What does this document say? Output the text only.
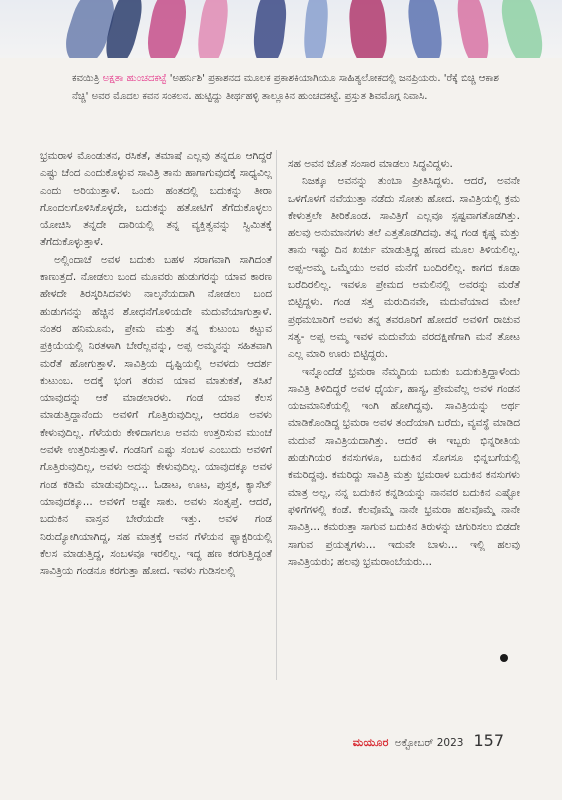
ಕವಯಿತ್ರಿ ಅಕ್ಷತಾ ಹುಂಚದಕಟ್ಟೆ 'ಅಹರ್ನಿಶಿ' ಪ್ರಕಾಶನದ ಮೂಲಕ ಪ್ರಕಾಶಕಿಯಾಗಿಯೂ ಸಾಹಿತ್ಯಲೋಕದಲ್ಲಿ ಜನಪ್ರಿಯರು. 'ರೆಕ್ಕೆ ಬಿಚ್ಚಿ ಆಕಾಶ ನೆಚ್ಚಿ' ಅವರ ಮೊದಲ ಕವನ ಸಂಕಲನ. ಹುಟ್ಟಿದ್ದು ತೀರ್ಥಹಳ್ಳಿ ತಾಲ್ಲೂಕಿನ ಹುಂಚದಕಟ್ಟೆ. ಪ್ರಸ್ತುತ ಶಿವಮೊಗ್ಗ ನಿವಾಸಿ.

ಭ್ರಮರಾಳ ಮೊಂಡುತನ, ರಸಿಕತೆ, ತಮಾಷೆ ಎಲ್ಲವು ತನ್ನದೂ ಆಗಿದ್ದರೆ ಎಷ್ಟು ಚೆಂದ ಎಂದುಕೊಳ್ಳುವ ಸಾವಿತ್ರಿ ತಾನು ಹಾಗಾಗುವುದಕ್ಕೆ ಸಾಧ್ಯವಿಲ್ಲ ಎಂದು ಅರಿಯುತ್ತಾಳೆ. ಒಂದು ಹಂತದಲ್ಲಿ ಬದುಕನ್ನು ತೀರಾ ಗೊಂದಲಗೊಳಿಸಿಕೊಳ್ಳದೇ, ಬದುಕನ್ನು ಹತೋಟಿಗೆ ತೆಗೆದುಕೊಳ್ಳಲು ಯೋಚಿಸಿ ತನ್ನದೇ ದಾರಿಯಲ್ಲಿ ತನ್ನ ವ್ಯಕ್ತಿತ್ವವನ್ನು ಸ್ವಿಮಿತಕ್ಕೆ ತೆಗೆದುಕೊಳ್ಳುತ್ತಾಳೆ.

ಅಲ್ಲಿಂದಾಚೆ ಅವಳ ಬದುಕು ಬಹಳ ಸರಾಗವಾಗಿ ಸಾಗಿದಂತೆ ಕಾಣುತ್ತದೆ. ನೋಡಲು ಬಂದ ಮೂವರು ಹುಡುಗರನ್ನು ಯಾವ ಕಾರಣ ಹೇಳದೇ ತಿರಸ್ಕರಿಸಿದವಳು ನಾಲ್ಕನೆಯದಾಗಿ ನೋಡಲು ಬಂದ ಹುಡುಗನನ್ನು ಹೆಚ್ಚಿನ ಶೋಧನೆಗೊಳಿಯದೇ ಮದುವೆಯಾಗುತ್ತಾಳೆ. ನಂತರ ಹನಿಮೂನು, ಪ್ರೇಮ ಮತ್ತು ತನ್ನ ಕುಟುಂಬ ಕಟ್ಟುವ ಪ್ರಕ್ರಿಯೆಯಲ್ಲಿ ನಿರತಳಾಗಿ ಬೇರೆಲ್ಲವನ್ನು, ಅಪ್ಪ ಅಮ್ಮನನ್ನು ಸಹಿತವಾಗಿ ಮರೆತೆ ಹೋಗುತ್ತಾಳೆ. ಸಾವಿತ್ರಿಯ ದೃಷ್ಟಿಯಲ್ಲಿ ಅವಳದು ಆದರ್ಶ ಕುಟುಂಬ. ಅದಕ್ಕೆ ಭಂಗ ತರುವ ಯಾವ ಮಾತುಕತೆ, ತಸಿಖೆ ಯಾವುದನ್ನು ಆಕೆ ಮಾಡಲಾರಳು. ಗಂಡ ಯಾವ ಕೆಲಸ ಮಾಡುತ್ತಿದ್ದಾನೆಂದು ಅವಳಿಗೆ ಗೊತ್ತಿರುವುದಿಲ್ಲ, ಆದರೂ ಅವಳು ಕೇಳುವುದಿಲ್ಲ. ಗೆಳೆಯರು ಕೇಳಿದಾಗಲೂ ಅವನು ಉತ್ತರಿಸುವ ಮುಂಚೆ ಅವಳೇ ಉತ್ತರಿಸುತ್ತಾಳೆ. ಗಂಡನಿಗೆ ಎಷ್ಟು ಸಂಬಳ ಎಂಬುದು ಅವಳಿಗೆ ಗೊತ್ತಿರುವುದಿಲ್ಲ, ಅವಳು ಅದನ್ನು ಕೇಳುವುದಿಲ್ಲ. ಯಾವುದಕ್ಕೂ ಅವಳ ಗಂಡ ಕಡಿಮೆ ಮಾಡುವುದಿಲ್ಲ... ಓಡಾಟ, ಊಟ, ಪುಸ್ತಕ, ಕ್ಯಾಸೆಟ್ ಯಾವುದಕ್ಕೂ... ಅವಳಿಗೆ ಅಷ್ಟೇ ಸಾಕು. ಅವಳು ಸಂತೃಪ್ತೆ. ಆದರೆ, ಬದುಕಿನ ವಾಸ್ತವ ಬೇರೆಯದೇ ಇತ್ತು. ಅವಳ ಗಂಡ ನಿರುದ್ಯೋಗಿಯಾಗಿದ್ದ, ಸಹ ಮಾತ್ರಕ್ಕೆ ಅವನ ಗೆಳೆಯನ ಫ್ಯಾಕ್ಟರಿಯಲ್ಲಿ ಕೆಲಸ ಮಾಡುತ್ತಿದ್ದ, ಸಂಬಳವೂ ಇರಲಿಲ್ಲ. ಇದ್ದ ಹಣ ಕರಗುತ್ತಿದ್ದಂತೆ ಸಾವಿತ್ರಿಯ ಗಂಡನೂ ಕರಗುತ್ತಾ ಹೋದ. ಇವಳು ಗುಡಿಸಲಲ್ಲಿ

ಸಹ ಅವನ ಜೊತೆ ಸಂಸಾರ ಮಾಡಲು ಸಿದ್ಧವಿದ್ದಳು.

ನಿಜಕ್ಕೂ ಅವನನ್ನು ತುಂಬಾ ಪ್ರೀತಿಸಿದ್ದಳು. ಆದರೆ, ಅವನೇ ಒಳಗೊಳಗೆ ನವೆಯುತ್ತಾ ನಡೆದು ಸೋತು ಹೋದ. ಸಾವಿತ್ರಿಯಲ್ಲಿ ಕ್ರಮ ಕೇಳುತ್ತಲೇ ತೀರಿಕೊಂಡ. ಸಾವಿತ್ರಿಗೆ ಎಲ್ಲವೂ ಸ್ಪಷ್ಟವಾಗತೊಡಗಿತ್ತು. ಹಲವು ಅನುಮಾನಗಳು ತಲೆ ಎತ್ತತೊಡಗಿದವು. ತನ್ನ ಗಂಡ ಕೃಷ್ಣ ಮತ್ತು ತಾನು ಇಷ್ಟು ದಿನ ಖರ್ಚು ಮಾಡುತ್ತಿದ್ದ ಹಣದ ಮೂಲ ತಿಳಿಯಲಿಲ್ಲ. ಅಪ್ಪ-ಅಮ್ಮ ಒಮ್ಮೆಯು ಅವರ ಮನೆಗೆ ಬಂದಿರಲಿಲ್ಲ. ಕಾಗದ ಕೂಡಾ ಬರೆದಿರಲಿಲ್ಲ. ಇವಳೂ ಪ್ರೇಮದ ಅಮಲಿನಲ್ಲಿ ಅವರನ್ನು ಮರೆತೆ ಬಿಟ್ಟಿದ್ದಳು. ಗಂಡ ಸತ್ತ ಮರುದಿನವೇ, ಮದುವೆಯಾದ ಮೇಲೆ ಪ್ರಥಮಬಾರಿಗೆ ಅವಳು ತನ್ನ ತವರೂರಿಗೆ ಹೋದರೆ ಅವಳಿಗೆ ರಾಚುವ ಸತ್ಯ- ಅಪ್ಪ ಅಮ್ಮ ಇವಳ ಮದುವೆಯ ವರದಕ್ಷಿಣೆಗಾಗಿ ಮನೆ ತೋಟ ಎಲ್ಲ ಮಾರಿ ಊರು ಬಿಟ್ಟಿದ್ದರು.

ಇನ್ನೊಂದೆಡೆ ಭ್ರಮರಾ ನೆಮ್ಮದಿಯ ಬದುಕು ಬದುಕುತ್ತಿದ್ದಾಳೆಂದು ಸಾವಿತ್ರಿ ತಿಳಿದಿದ್ದರೆ ಅವಳ ಧೈರ್ಯ, ಹಾಸ್ಯ, ಪ್ರೇಮವೆಲ್ಲ ಅವಳ ಗಂಡನ ಯಜಮಾನಿಕೆಯಲ್ಲಿ ಇಂಗಿ ಹೋಗಿದ್ದವು. ಸಾವಿತ್ರಿಯನ್ನು ಅರ್ಥ ಮಾಡಿಕೊಂಡಿದ್ದ ಭ್ರಮರಾ ಅವಳ ತಂದೆಯಾಗಿ ಬರೆದು, ವ್ಯವಸ್ಥೆ ಮಾಡಿದ ಮದುವೆ ಸಾವಿತ್ರಿಯದಾಗಿತ್ತು. ಆದರೆ ಈ ಇಬ್ಬರು ಭಿನ್ನರೀತಿಯ ಹುಡುಗಿಯರ ಕನಸುಗಳೂ, ಬದುಕಿನ ಸೊಗಸೂ ಭಿನ್ನಬಗೆಯಲ್ಲಿ ಕಮರಿದ್ದವು. ಕಮರಿದ್ದು ಸಾವಿತ್ರಿ ಮತ್ತು ಭ್ರಮರಾಳ ಬದುಕಿನ ಕನಸುಗಳು ಮಾತ್ರ ಅಲ್ಲ, ನನ್ನ ಬದುಕಿನ ಕನ್ನಡಿಯನ್ನು ನಾನವರ ಬದುಕಿನ ಎಷ್ಟೋ ಫಳಿಗೆಗಳಲ್ಲಿ ಕಂಡೆ. ಕೆಲವೊಮ್ಮೆ ನಾನೇ ಭ್ರಮರಾ ಹಲವೊಮ್ಮೆ ನಾನೇ ಸಾವಿತ್ರಿ... ಕಮರುತ್ತಾ ಸಾಗುವ ಬದುಕಿನ ತಿರುಳನ್ನು ಚಿಗುರಿಸಲು ಬಿಡದೇ ಸಾಗುವ ಪ್ರಯತ್ನಗಳು... ಇದುವೇ ಬಾಳು... ಇಲ್ಲಿ ಹಲವು ಸಾವಿತ್ರಿಯರು; ಹಲವು ಭ್ರಮರಾಂಬೆಯರು...

ಮಯೂರ ಅಕ್ಟೋಬರ್ 2023 157
